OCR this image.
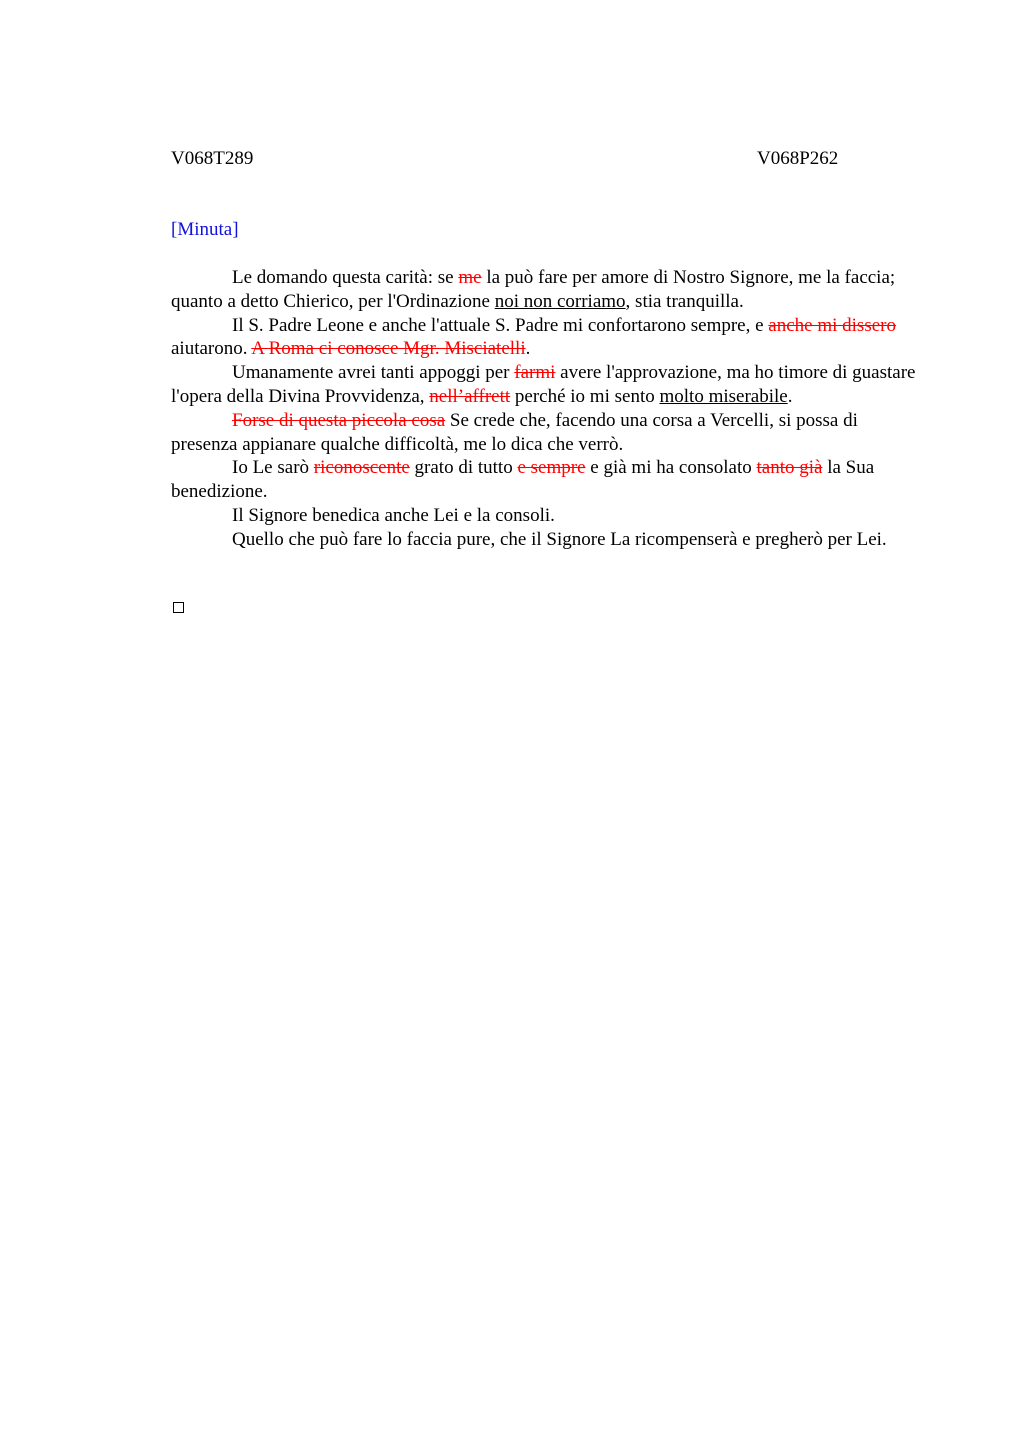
V068T289	V068P262
[Minuta]

Le domando questa carità: se me la può fare per amore di Nostro Signore, me la faccia; quanto a detto Chierico, per l'Ordinazione noi non corriamo, stia tranquilla.

Il S. Padre Leone e anche l'attuale S. Padre mi confortarono sempre, e anche mi dissero aiutarono. A Roma ci conosce Mgr. Misciatelli.

Umanamente avrei tanti appoggi per farmi avere l'approvazione, ma ho timore di guastare l'opera della Divina Provvidenza, nell’affrett perché io mi sento molto miserabile.

Forse di questa piccola cosa Se crede che, facendo una corsa a Vercelli, si possa di presenza appianare qualche difficoltà, me lo dica che verrò.

Io Le sarò riconoscente grato di tutto e sempre e già mi ha consolato tanto già la Sua benedizione.

Il Signore benedica anche Lei e la consoli.

Quello che può fare lo faccia pure, che il Signore La ricompenserà e pregherò per Lei.
